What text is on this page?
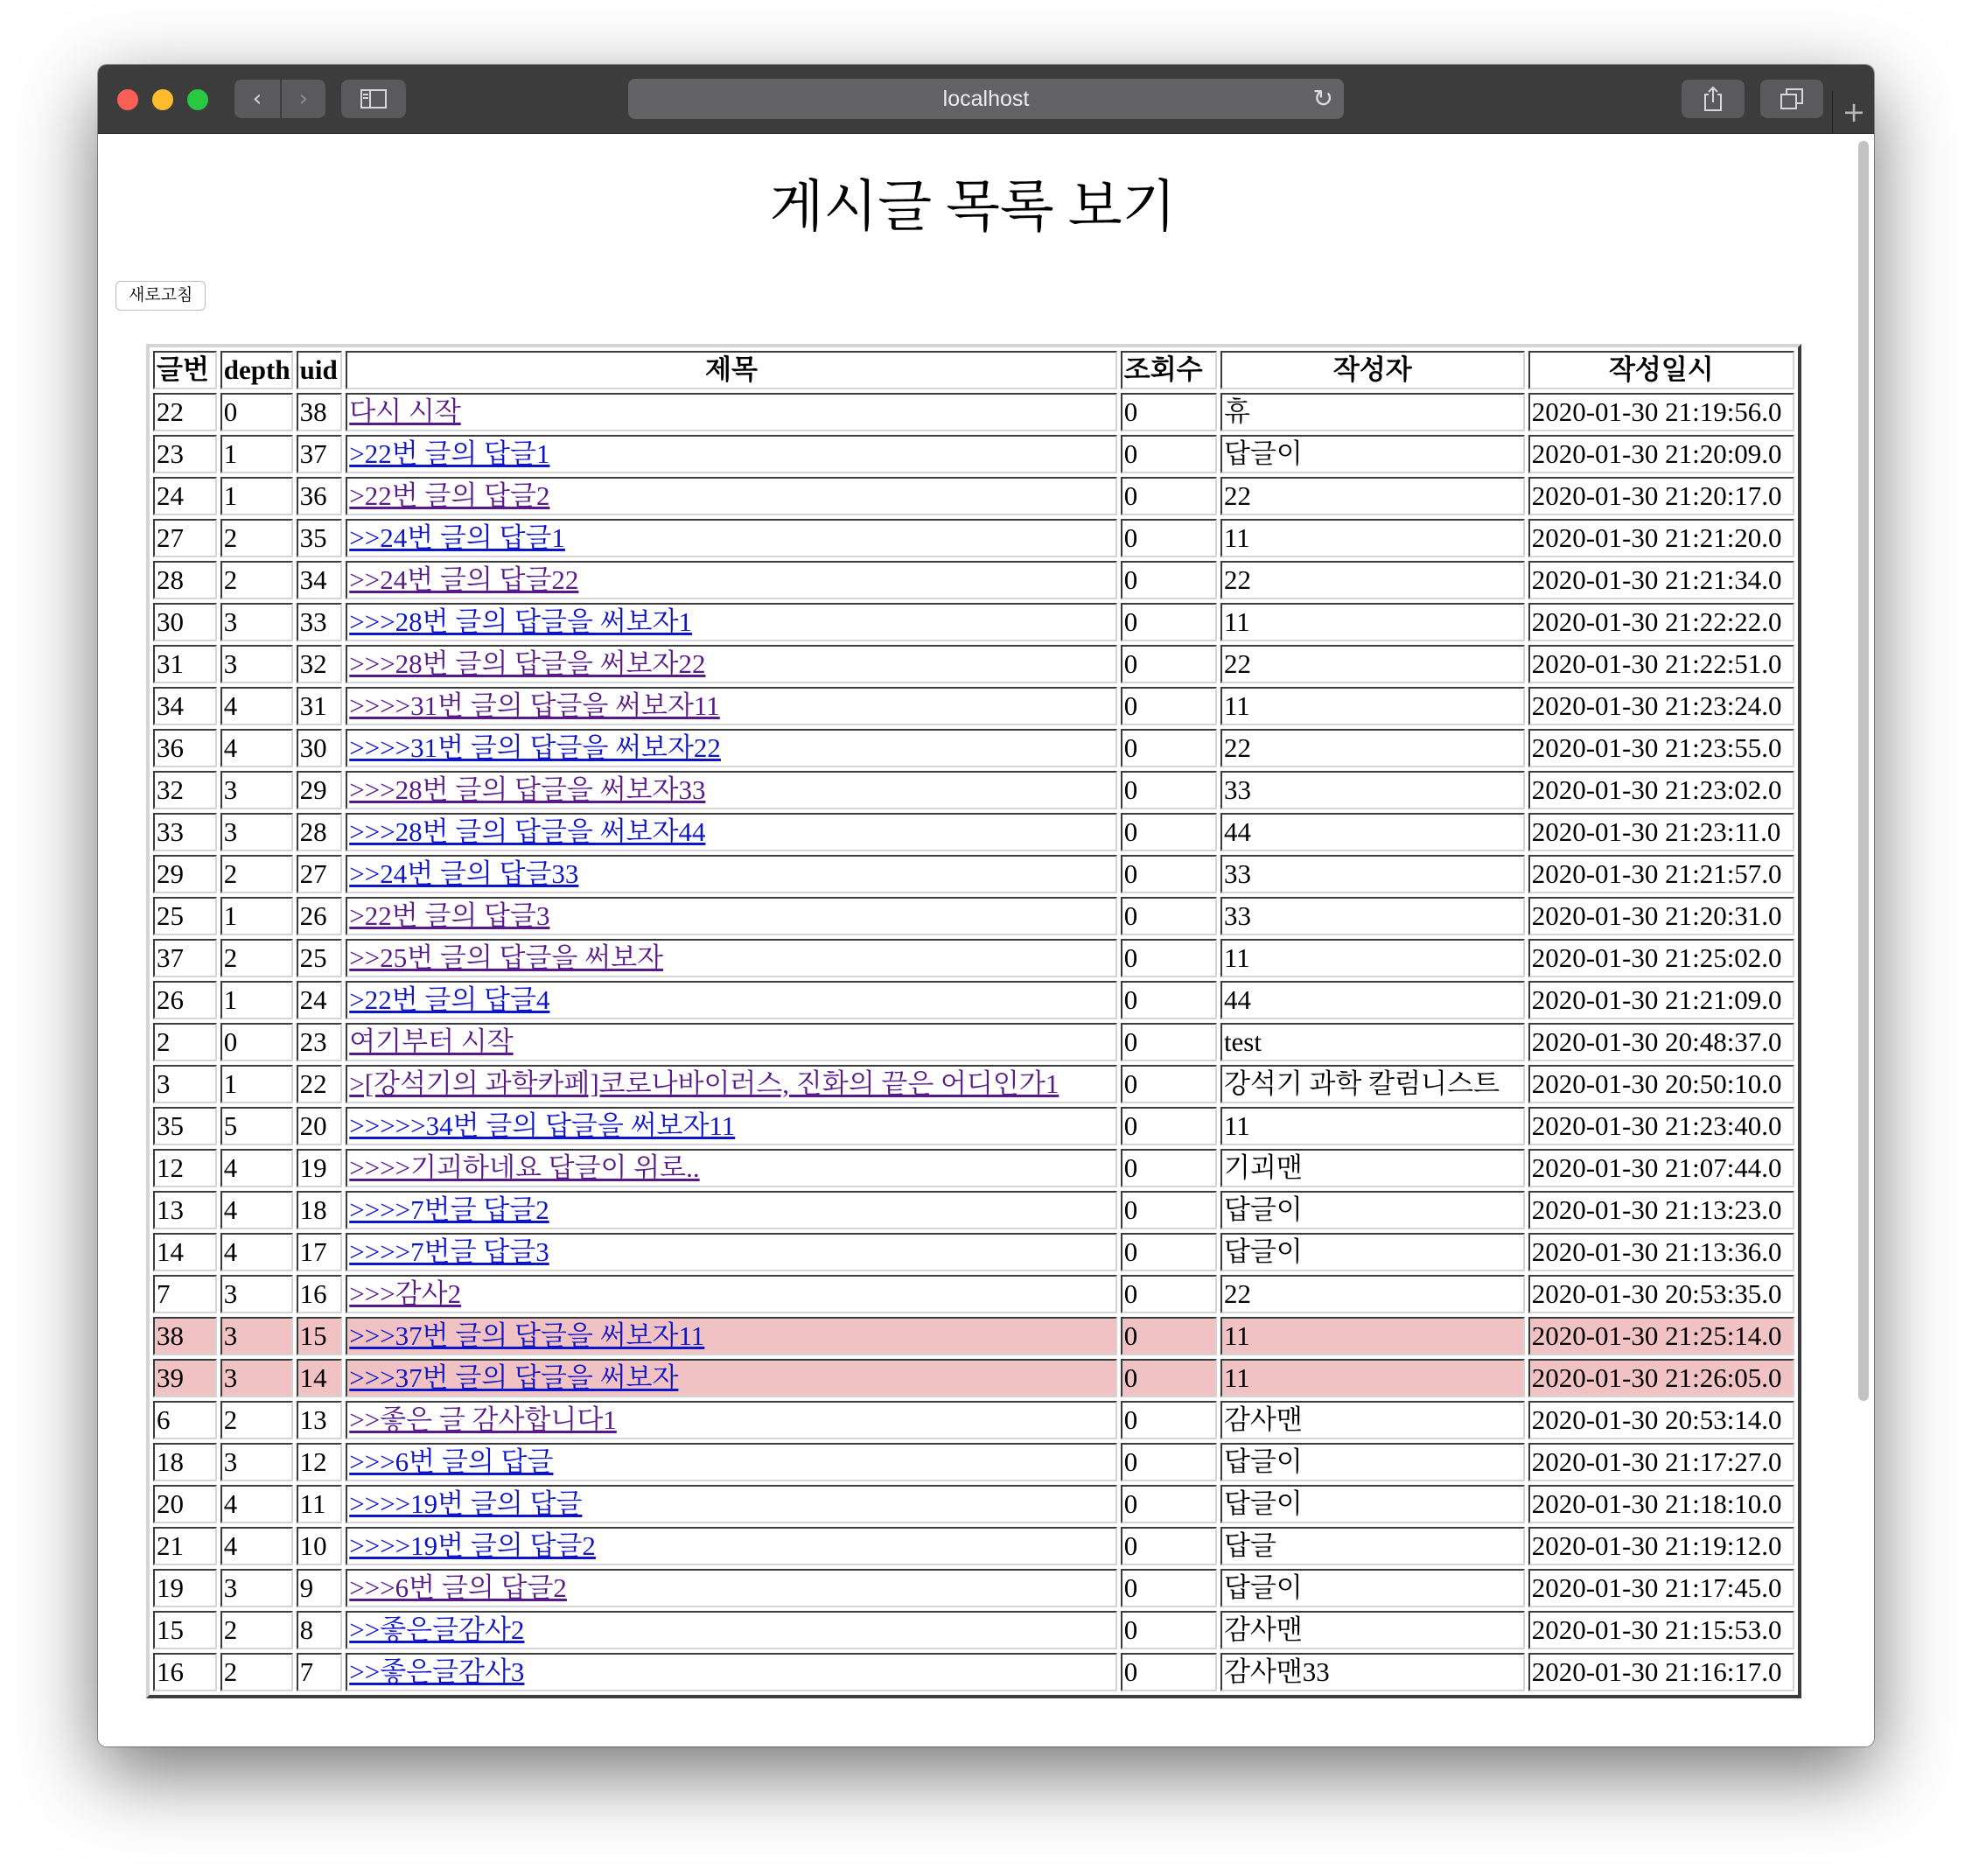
‹ ›	localhost	↻	+
게시글 목록 보기
새로고침
글번	depth	uid	제목	조회수	작성자	작성일시
22	0	38	다시 시작	0	휴	2020-01-30 21:19:56.0
23	1	37	>22번 글의 답글1	0	답글이	2020-01-30 21:20:09.0
24	1	36	>22번 글의 답글2	0	22	2020-01-30 21:20:17.0
27	2	35	>>24번 글의 답글1	0	11	2020-01-30 21:21:20.0
28	2	34	>>24번 글의 답글22	0	22	2020-01-30 21:21:34.0
30	3	33	>>>28번 글의 답글을 써보자1	0	11	2020-01-30 21:22:22.0
31	3	32	>>>28번 글의 답글을 써보자22	0	22	2020-01-30 21:22:51.0
34	4	31	>>>>31번 글의 답글을 써보자11	0	11	2020-01-30 21:23:24.0
36	4	30	>>>>31번 글의 답글을 써보자22	0	22	2020-01-30 21:23:55.0
32	3	29	>>>28번 글의 답글을 써보자33	0	33	2020-01-30 21:23:02.0
33	3	28	>>>28번 글의 답글을 써보자44	0	44	2020-01-30 21:23:11.0
29	2	27	>>24번 글의 답글33	0	33	2020-01-30 21:21:57.0
25	1	26	>22번 글의 답글3	0	33	2020-01-30 21:20:31.0
37	2	25	>>25번 글의 답글을 써보자	0	11	2020-01-30 21:25:02.0
26	1	24	>22번 글의 답글4	0	44	2020-01-30 21:21:09.0
2	0	23	여기부터 시작	0	test	2020-01-30 20:48:37.0
3	1	22	>[강석기의 과학카페]코로나바이러스, 진화의 끝은 어디인가1	0	강석기 과학 칼럼니스트	2020-01-30 20:50:10.0
35	5	20	>>>>>34번 글의 답글을 써보자11	0	11	2020-01-30 21:23:40.0
12	4	19	>>>>기괴하네요 답글이 위로..	0	기괴맨	2020-01-30 21:07:44.0
13	4	18	>>>>7번글 답글2	0	답글이	2020-01-30 21:13:23.0
14	4	17	>>>>7번글 답글3	0	답글이	2020-01-30 21:13:36.0
7	3	16	>>>감사2	0	22	2020-01-30 20:53:35.0
38	3	15	>>>37번 글의 답글을 써보자11	0	11	2020-01-30 21:25:14.0
39	3	14	>>>37번 글의 답글을 써보자	0	11	2020-01-30 21:26:05.0
6	2	13	>>좋은 글 감사합니다1	0	감사맨	2020-01-30 20:53:14.0
18	3	12	>>>6번 글의 답글	0	답글이	2020-01-30 21:17:27.0
20	4	11	>>>>19번 글의 답글	0	답글이	2020-01-30 21:18:10.0
21	4	10	>>>>19번 글의 답글2	0	답글	2020-01-30 21:19:12.0
19	3	9	>>>6번 글의 답글2	0	답글이	2020-01-30 21:17:45.0
15	2	8	>>좋은글감사2	0	감사맨	2020-01-30 21:15:53.0
16	2	7	>>좋은글감사3	0	감사맨33	2020-01-30 21:16:17.0
